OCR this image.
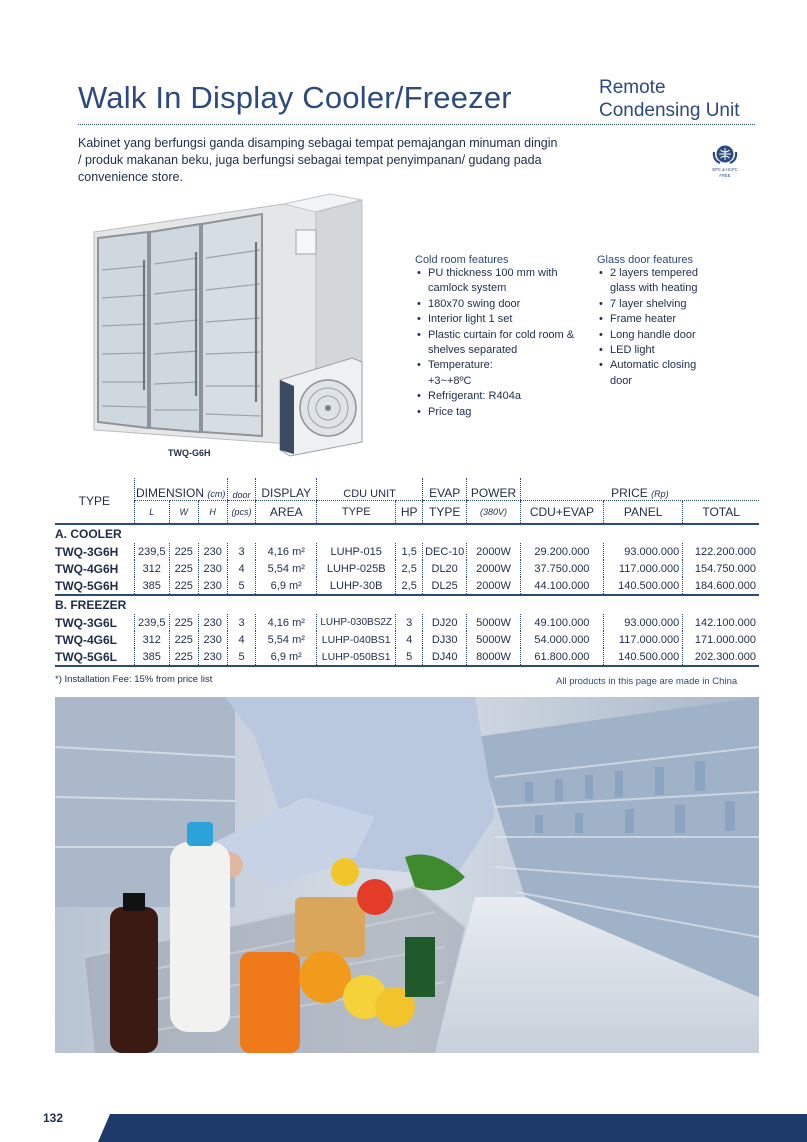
Walk In Display Cooler/Freezer	Remote
Condensing Unit
Kabinet yang berfungsi ganda disamping sebagai tempat pemajangan minuman dingin / produk makanan beku, juga berfungsi sebagai tempat penyimpanan/ gudang pada convenience store.
EPC & HCFC
FREE
TWQ-G6H
Cold room features
• PU thickness 100 mm with camlock system
• 180x70 swing door
• Interior light 1 set
• Plastic curtain for cold room & shelves separated
• Temperature: +3~+8ºC
• Refrigerant: R404a
• Price tag
Glass door features
• 2 layers tempered glass with heating
• 7 layer shelving
• Frame heater
• Long handle door
• LED light
• Automatic closing door
TYPE	DIMENSION (cm)			door	DISPLAY	CDU UNIT		EVAP	POWER	PRICE (Rp)		
	L	W	H	(pcs)	AREA	TYPE	HP	TYPE	(380V)	CDU+EVAP	PANEL	TOTAL
A. COOLER												
TWQ-3G6H	239,5	225	230	3	4,16 m²	LUHP-015	1,5	DEC-10	2000W	29.200.000	93.000.000	122.200.000
TWQ-4G6H	312	225	230	4	5,54 m²	LUHP-025B	2,5	DL20	2000W	37.750.000	117.000.000	154.750.000
TWQ-5G6H	385	225	230	5	6,9 m²	LUHP-30B	2,5	DL25	2000W	44.100.000	140.500.000	184.600.000
B. FREEZER												
TWQ-3G6L	239,5	225	230	3	4,16 m²	LUHP-030BS2Z	3	DJ20	5000W	49.100.000	93.000.000	142.100.000
TWQ-4G6L	312	225	230	4	5,54 m²	LUHP-040BS1	4	DJ30	5000W	54.000.000	117.000.000	171.000.000
TWQ-5G6L	385	225	230	5	6,9 m²	LUHP-050BS1	5	DJ40	8000W	61.800.000	140.500.000	202.300.000
*) Installation Fee: 15% from price list	All products in this page are made in China
132
